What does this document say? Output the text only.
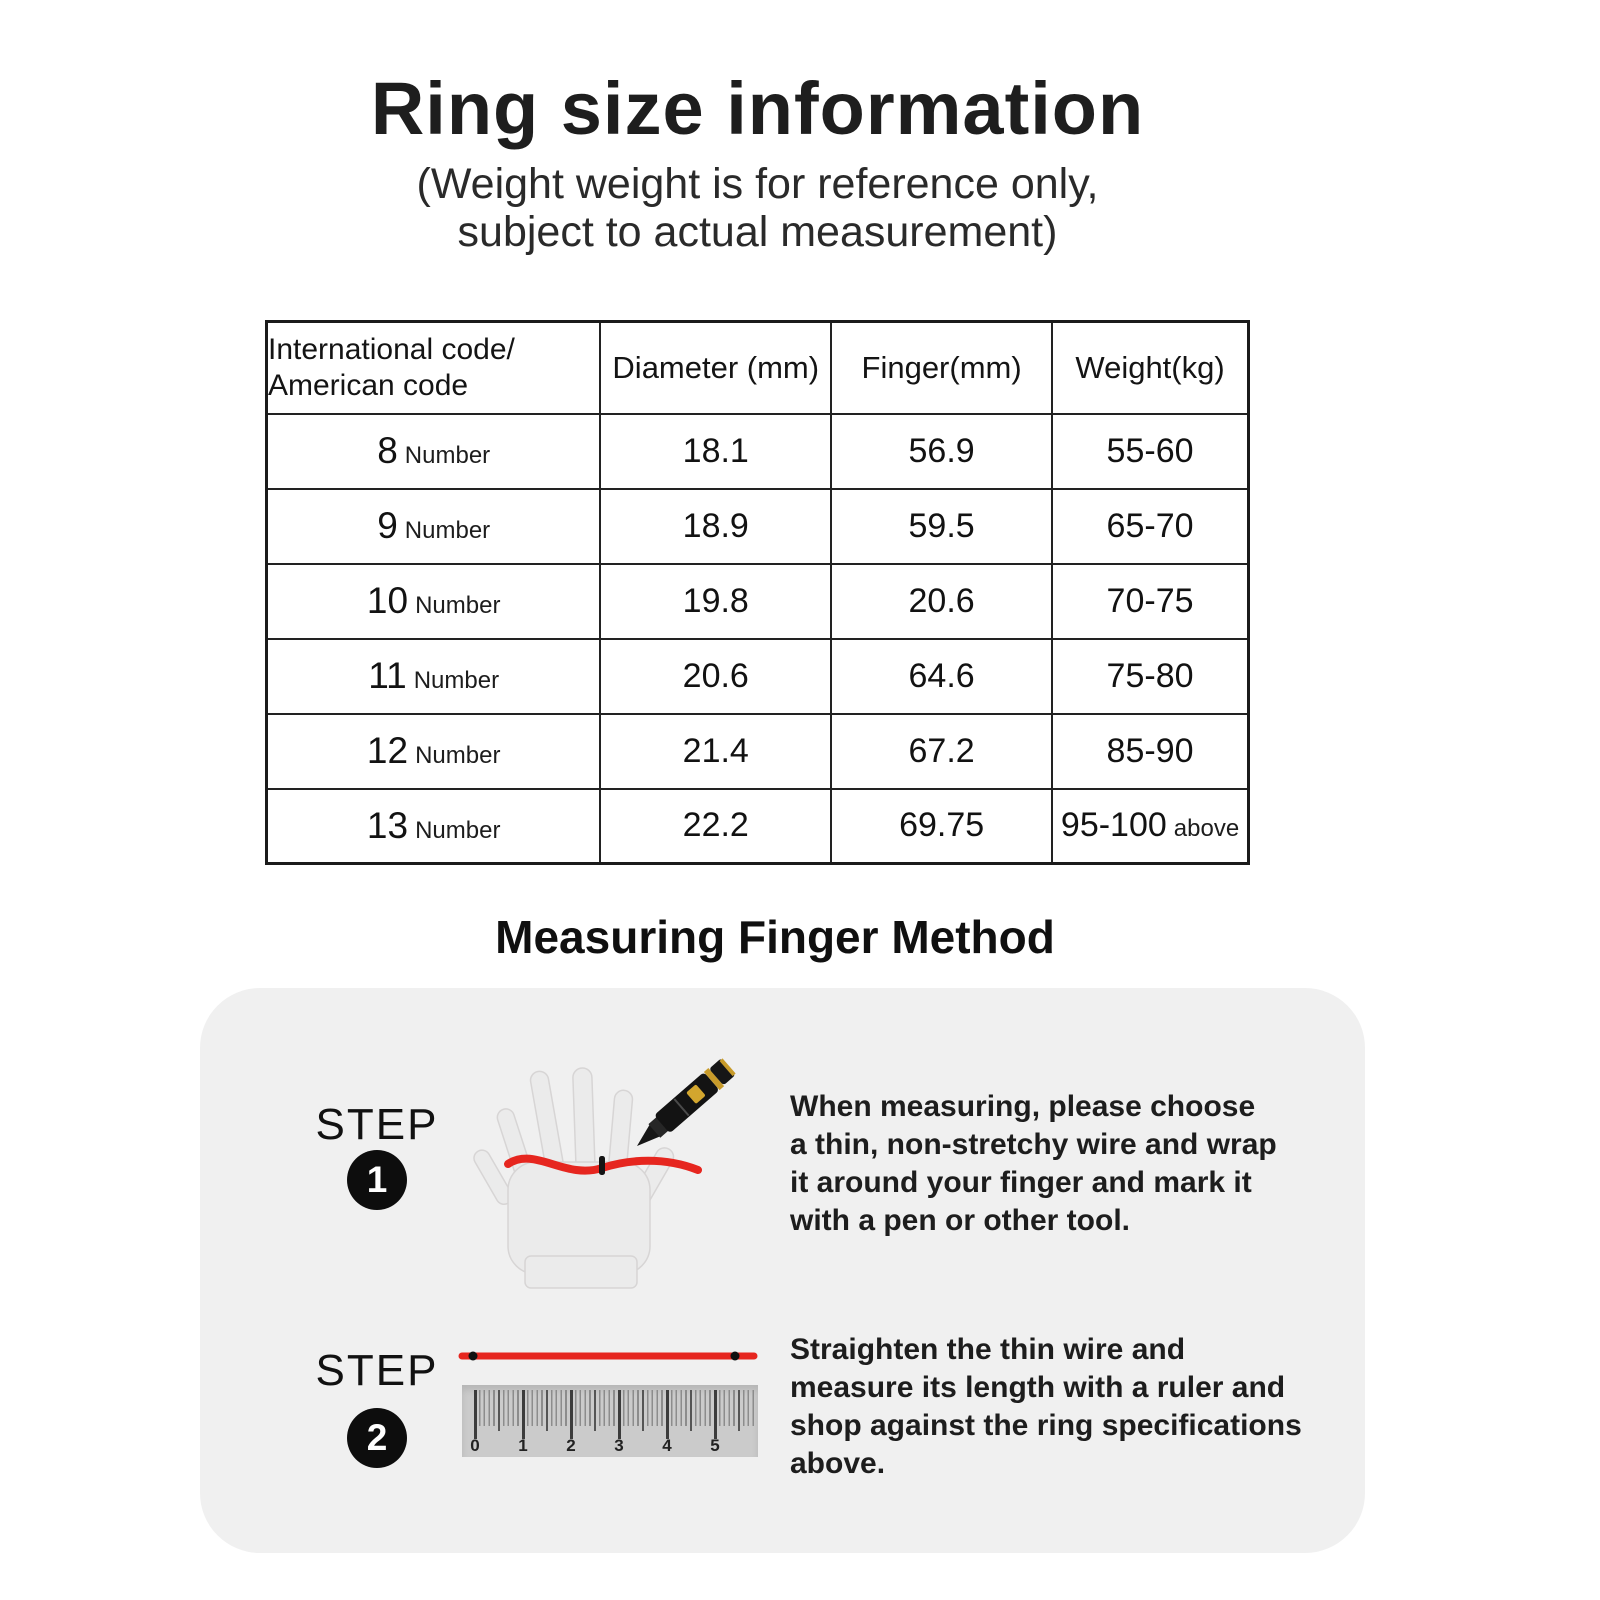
Ring size information
(Weight weight is for reference only,
subject to actual measurement)
International code/
American code	Diameter (mm)	Finger(mm)	Weight(kg)
8 Number	18.1	56.9	55-60
9 Number	18.9	59.5	65-70
10 Number	19.8	20.6	70-75
11 Number	20.6	64.6	75-80
12 Number	21.4	67.2	85-90
13 Number	22.2	69.75	95-100 above
Measuring Finger Method
STEP
1
When measuring, please choose
a thin, non-stretchy wire and wrap
it around your finger and mark it
with a pen or other tool.
STEP
2	0	1	2	3	4	5
Straighten the thin wire and
measure its length with a ruler and
shop against the ring specifications
above.
